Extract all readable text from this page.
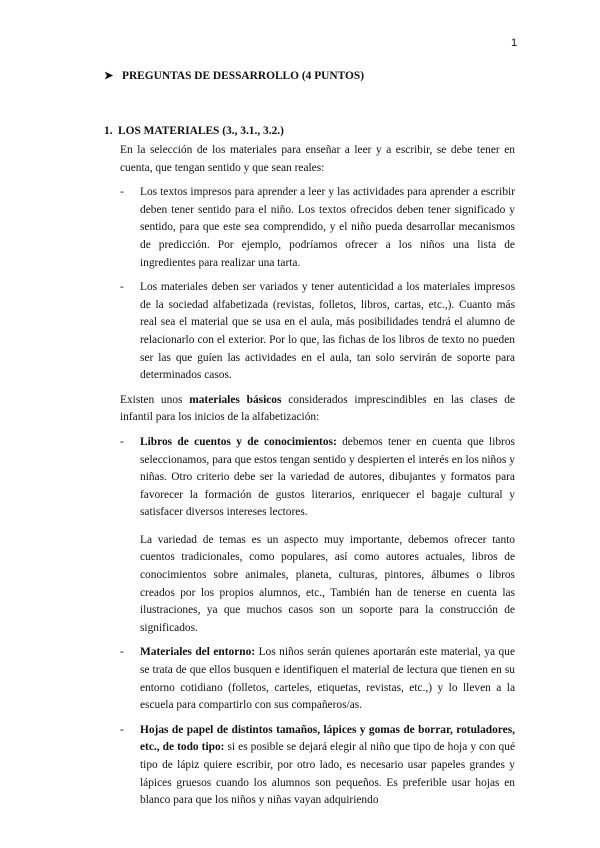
1
➤ PREGUNTAS DE DESSARROLLO (4 PUNTOS)
1. LOS MATERIALES (3., 3.1., 3.2.)

En la selección de los materiales para enseñar a leer y a escribir, se debe tener en cuenta, que tengan sentido y que sean reales:

- Los textos impresos para aprender a leer y las actividades para aprender a escribir deben tener sentido para el niño. Los textos ofrecidos deben tener significado y sentido, para que este sea comprendido, y el niño pueda desarrollar mecanismos de predicción. Por ejemplo, podríamos ofrecer a los niños una lista de ingredientes para realizar una tarta.
- Los materiales deben ser variados y tener autenticidad a los materiales impresos de la sociedad alfabetizada (revistas, folletos, libros, cartas, etc.,). Cuanto más real sea el material que se usa en el aula, más posibilidades tendrá el alumno de relacionarlo con el exterior. Por lo que, las fichas de los libros de texto no pueden ser las que guíen las actividades en el aula, tan solo servirán de soporte para determinados casos.

Existen unos materiales básicos considerados imprescindibles en las clases de infantil para los inicios de la alfabetización:

- Libros de cuentos y de conocimientos: debemos tener en cuenta que libros seleccionamos, para que estos tengan sentido y despierten el interés en los niños y niñas. Otro criterio debe ser la variedad de autores, dibujantes y formatos para favorecer la formación de gustos literarios, enriquecer el bagaje cultural y satisfacer diversos intereses lectores.

La variedad de temas es un aspecto muy importante, debemos ofrecer tanto cuentos tradicionales, como populares, así como autores actuales, libros de conocimientos sobre animales, planeta, culturas, pintores, álbumes o libros creados por los propios alumnos, etc., También han de tenerse en cuenta las ilustraciones, ya que muchos casos son un soporte para la construcción de significados.

- Materiales del entorno: Los niños serán quienes aportarán este material, ya que se trata de que ellos busquen e identifiquen el material de lectura que tienen en su entorno cotidiano (folletos, carteles, etiquetas, revistas, etc.,) y lo lleven a la escuela para compartirlo con sus compañeros/as.
- Hojas de papel de distintos tamaños, lápices y gomas de borrar, rotuladores, etc., de todo tipo: si es posible se dejará elegir al niño que tipo de hoja y con qué tipo de lápiz quiere escribir, por otro lado, es necesario usar papeles grandes y lápices gruesos cuando los alumnos son pequeños. Es preferible usar hojas en blanco para que los niños y niñas vayan adquiriendo
